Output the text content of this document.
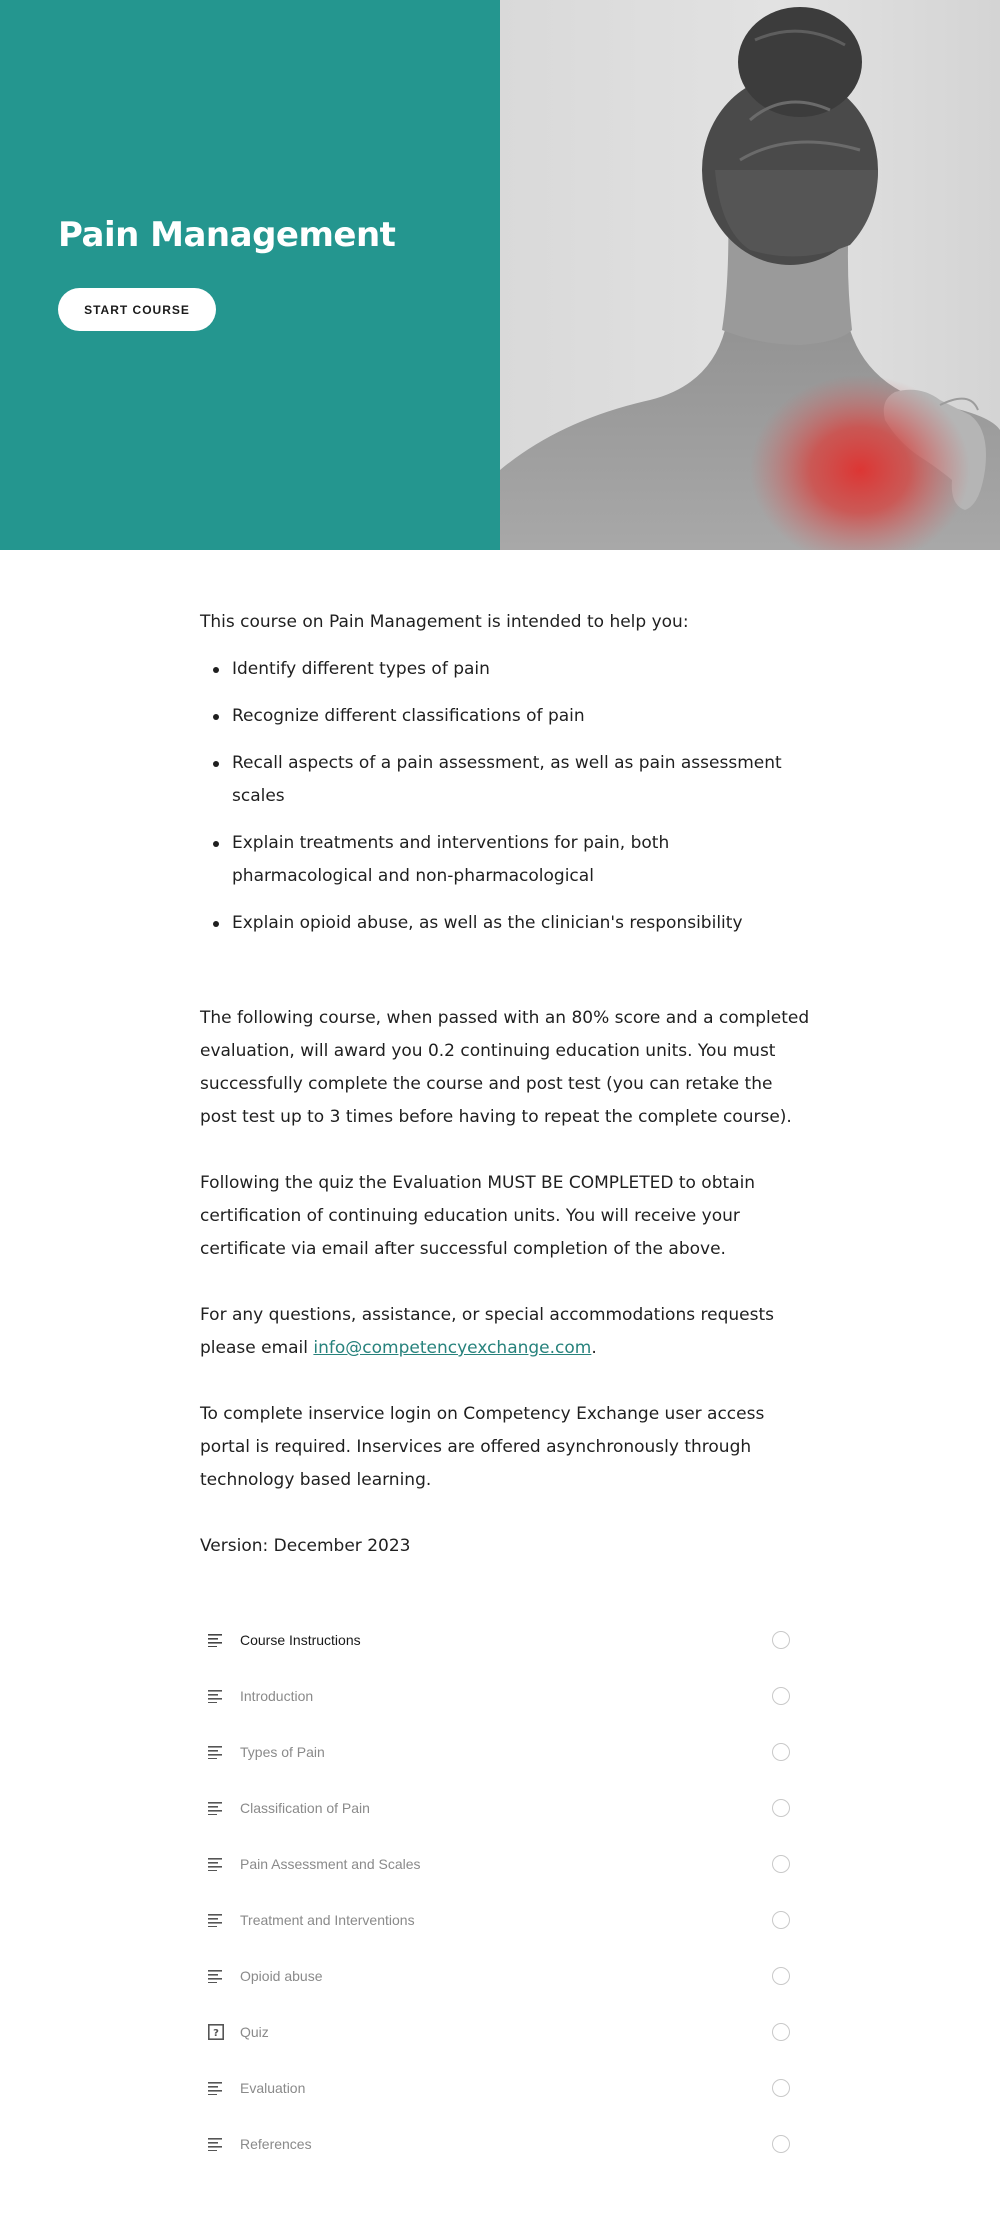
Pain Management
START COURSE

This course on Pain Management is intended to help you:

Identify different types of pain
Recognize different classifications of pain
Recall aspects of a pain assessment, as well as pain assessment scales
Explain treatments and interventions for pain, both pharmacological and non-pharmacological
Explain opioid abuse, as well as the clinician's responsibility

The following course, when passed with an 80% score and a completed evaluation, will award you 0.2 continuing education units. You must successfully complete the course and post test (you can retake the post test up to 3 times before having to repeat the complete course).

Following the quiz the Evaluation MUST BE COMPLETED to obtain certification of continuing education units. You will receive your certificate via email after successful completion of the above.

For any questions, assistance, or special accommodations requests please email info@competencyexchange.com.

To complete inservice login on Competency Exchange user access portal is required. Inservices are offered asynchronously through technology based learning.

Version: December 2023

Course Instructions
Introduction
Types of Pain
Classification of Pain
Pain Assessment and Scales
Treatment and Interventions
Opioid abuse
? Quiz
Evaluation
References
